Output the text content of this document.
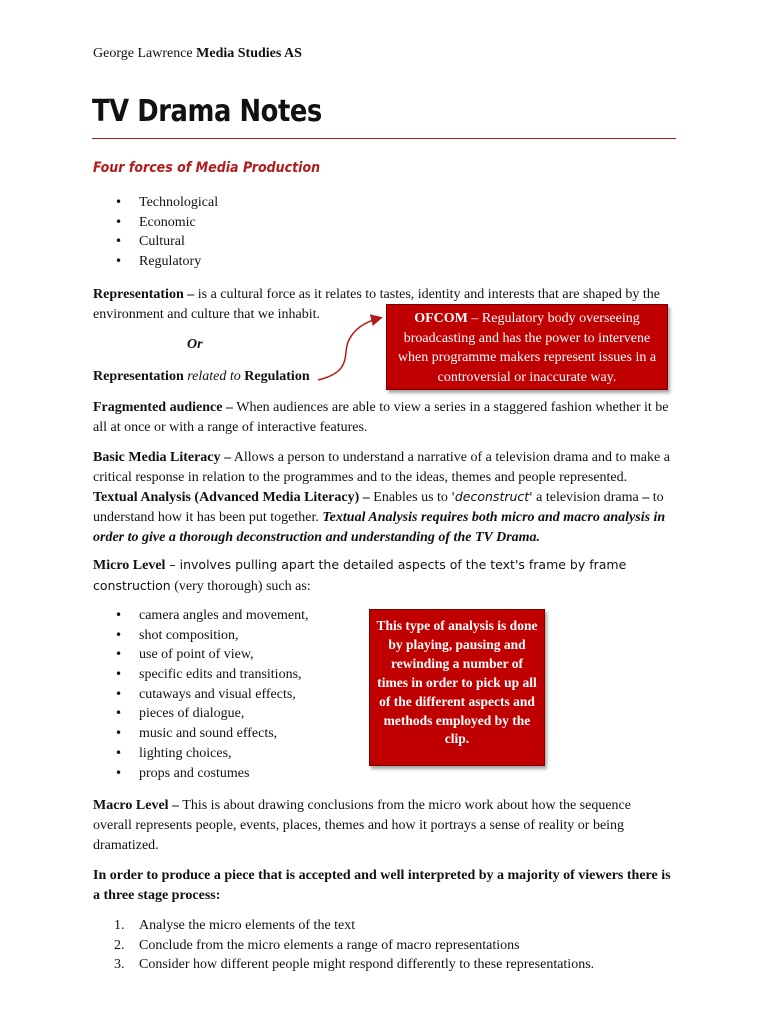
George Lawrence Media Studies AS
TV Drama Notes
Four forces of Media Production
• Technological
• Economic
• Cultural
• Regulatory

Representation – is a cultural force as it relates to tastes, identity and interests that are shaped by the environment and culture that we inhabit.

Or
Representation related to Regulation
OFCOM – Regulatory body overseeing broadcasting and has the power to intervene when programme makers represent issues in a controversial or inaccurate way.

Fragmented audience – When audiences are able to view a series in a staggered fashion whether it be all at once or with a range of interactive features.

Basic Media Literacy – Allows a person to understand a narrative of a television drama and to make a critical response in relation to the programmes and to the ideas, themes and people represented.

Textual Analysis (Advanced Media Literacy) – Enables us to 'deconstruct' a television drama – to understand how it has been put together. Textual Analysis requires both micro and macro analysis in order to give a thorough deconstruction and understanding of the TV Drama.

Micro Level – involves pulling apart the detailed aspects of the text's frame by frame construction (very thorough) such as:

• camera angles and movement,
• shot composition,
• use of point of view,
• specific edits and transitions,
• cutaways and visual effects,
• pieces of dialogue,
• music and sound effects,
• lighting choices,
• props and costumes
This type of analysis is done by playing, pausing and rewinding a number of times in order to pick up all of the different aspects and methods employed by the clip.

Macro Level – This is about drawing conclusions from the micro work about how the sequence overall represents people, events, places, themes and how it portrays a sense of reality or being dramatized.

In order to produce a piece that is accepted and well interpreted by a majority of viewers there is a three stage process:

1. Analyse the micro elements of the text
2. Conclude from the micro elements a range of macro representations
3. Consider how different people might respond differently to these representations.
